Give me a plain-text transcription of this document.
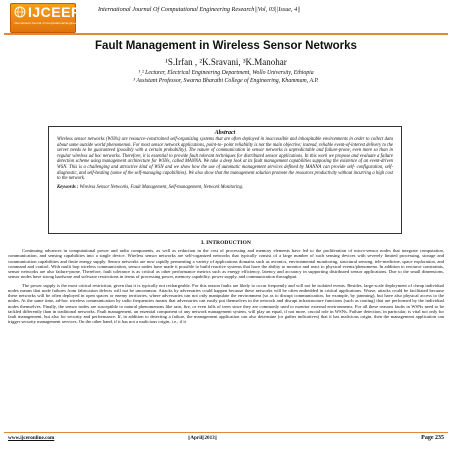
IJCEER
International Journal of Computational Engineering Research
International Journal Of Computational Engineering Research||Vol, 03||Issue, 4||
Fault Management in Wireless Sensor Networks
¹S.Irfan , ²K.Sravani, ³K.Manohar
¹ˏ² Lecturer, Electrical Engineering Department, Wollo University, Ethiopia
³ Assistant Professor, Swarna Bharathi College of Engineering, Khammam, A.P.
Abstract

Wireless sensor networks (WSNs) are resource-constrained self-organizing systems that are often deployed in inaccessible and inhospitable environments in order to collect data about some outside world phenomenon. For most sensor network applications, point-to- point reliability is not the main objective; instead, reliable event-of-interest delivery to the server needs to be guaranteed (possibly with a certain probability). The nature of communication in sensor networks is unpredictable and failure-prone, even more so than in regular wireless ad hoc networks. Therefore, it is essential to provide fault tolerant techniques for distributed sensor applications. In this work we propose and evaluate a failure detection scheme using management architecture for WSNs, called MANNA. We take a deep look at its fault management capabilities supposing the existence of an event-driven WSN. This is a challenging and attractive kind of WSN and we show how the use of automatic management services defined by MANNA can provide self- configuration, self-diagnostic, and self-healing (some of the self-managing capabilities). We also show that the management solution promote the resources productivity without incurring a high cost to the network.

Keywords : Wireless Sensor Networks, Fault Management, Self-management, Network Monitoring.

I. INTRODUCTION

Continuing advances in computational power and radio components, as well as reduction in the cost of processing and memory elements have led to the proliferation of micro-sensor nodes that integrate computation, communication, and sensing capabilities into a single device. Wireless sensor networks are self-organized networks that typically consist of a large number of such sensing devices with severely limited processing, storage and communication capabilities and finite energy supply. Sensor networks are now rapidly permeating a variety of applications domains such as avionics, environmental monitoring, structural sensing, tele-medicine, space exploration, and command and control. With multi hop wireless communication, sensor nodes have made it possible to build reactive systems that have the ability to monitor and react to physical events/phenomena. In addition to resource constraints, sensor networks are also failure-prone. Therefore, fault tolerance is as critical as other performance metrics such as energy efficiency, latency and accuracy in supporting distributed sensor applications. Due to the small dimensions, sensor nodes have strong hardware and software restrictions in terms of processing power, memory capability, power supply, and communication throughput.

The power supply is the most critical restriction, given that it is typically not rechargeable. For this reason faults are likely to occur frequently and will not be isolated events. Besides, large-scale deployment of cheap individual nodes means that node failures from fabrication defects will not be uncommon. Attacks by adversaries could happen because these networks will be often embedded in critical applications. Worse, attacks could be facilitated because these networks will be often deployed in open spaces or enemy territories, where adversaries can not only manipulate the environment (so as to disrupt communication, for example, by jamming), but have also physical access to the nodes. At the same time, ad-hoc wireless communication by radio frequencies means that adversaries can easily put themselves in the network and disrupt infrastructure functions (such as routing) that are performed by the individual nodes themselves. Finally, the sensor nodes are susceptible to natural phenomenons like rain, fire, or even falls of trees since they are commonly used to monitor external environments. For all these reasons faults in WSNs need to be tackled differently than in traditional networks. Fault management, an essential component of any network management system, will play an equal, if not more, crucial role in WSNs. Failure detection, in particular, is vital not only for fault management, but also for security and performance. If, in addition to detecting a failure, the management application can also determine (or gather indicatives) that it has malicious origin, then the management application can trigger security management services. On the other hand, if it has not a malicious origin, i.e., if it

www.ijceronline.com	||April||2013||	Page 235
